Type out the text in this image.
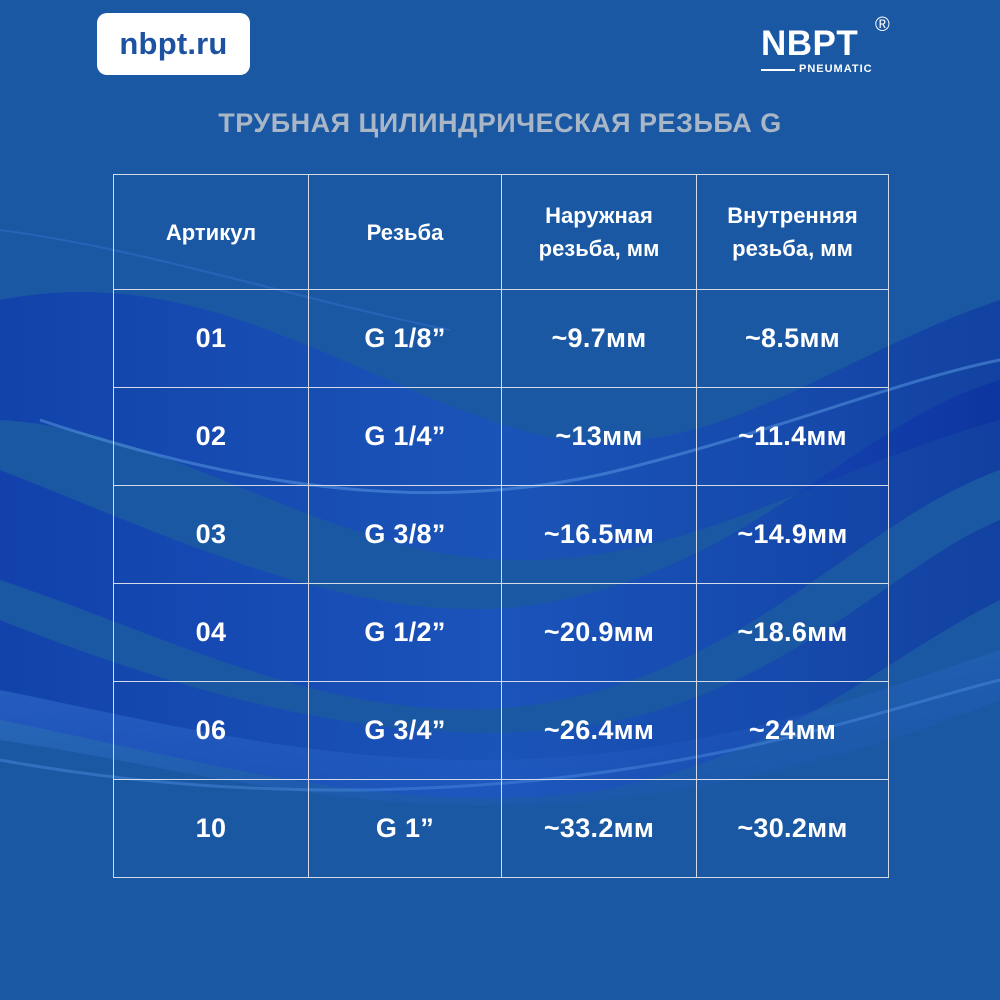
nbpt.ru	NBPT ®
PNEUMATIC
ТРУБНАЯ ЦИЛИНДРИЧЕСКАЯ РЕЗЬБА G
Артикул	Резьба	Наружная резьба, мм	Внутренняя резьба, мм
01	G 1/8”	~9.7мм	~8.5мм
02	G 1/4”	~13мм	~11.4мм
03	G 3/8”	~16.5мм	~14.9мм
04	G 1/2”	~20.9мм	~18.6мм
06	G 3/4”	~26.4мм	~24мм
10	G 1”	~33.2мм	~30.2мм
